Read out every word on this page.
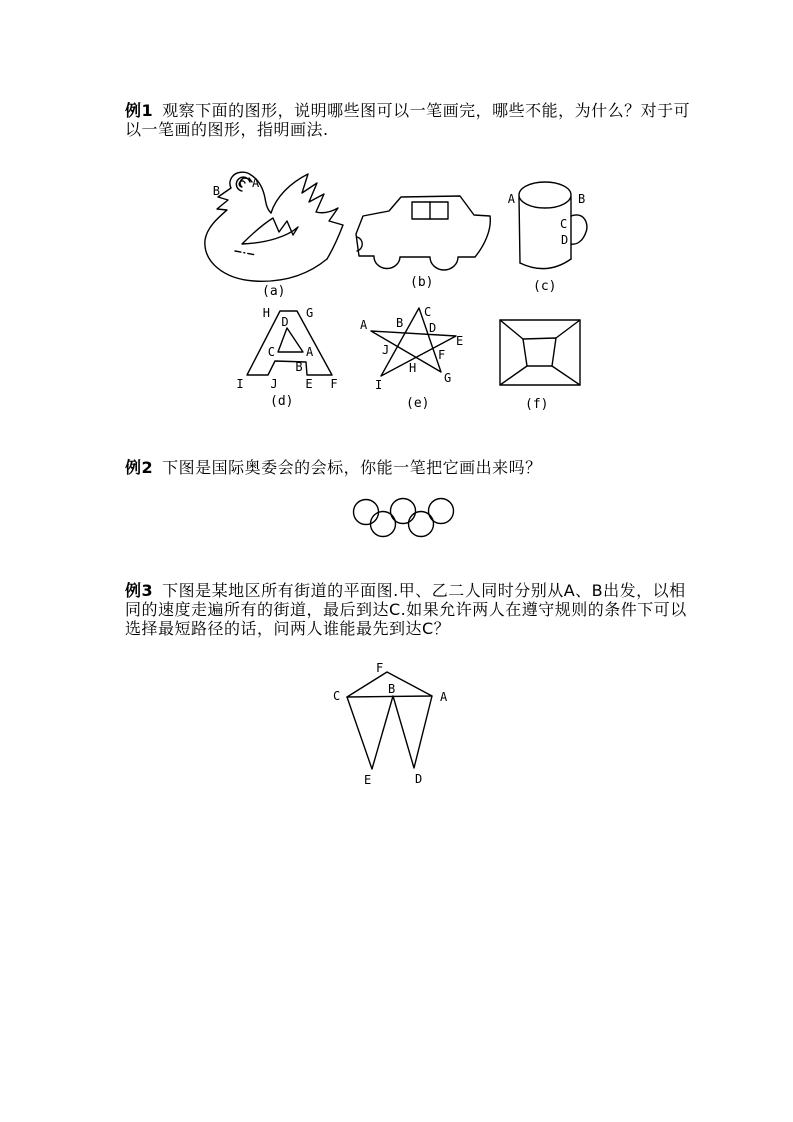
例1 观察下面的图形，说明哪些图可以一笔画完，哪些不能，为什么？对于可
以一笔画的图形，指明画法.
B
A
(a)
(b)
A	B
C
D
(c)
H	G
D
C	A
B
I J E F
(d)
C
A B D
E
J	F
H
I	G
(e)	(f)
例2 下图是国际奥委会的会标，你能一笔把它画出来吗？
例3 下图是某地区所有街道的平面图.甲、乙二人同时分别从A、B出发，以相
同的速度走遍所有的街道，最后到达C.如果允许两人在遵守规则的条件下可以
选择最短路径的话，问两人谁能最先到达C？
F
C	B
A
E	D
